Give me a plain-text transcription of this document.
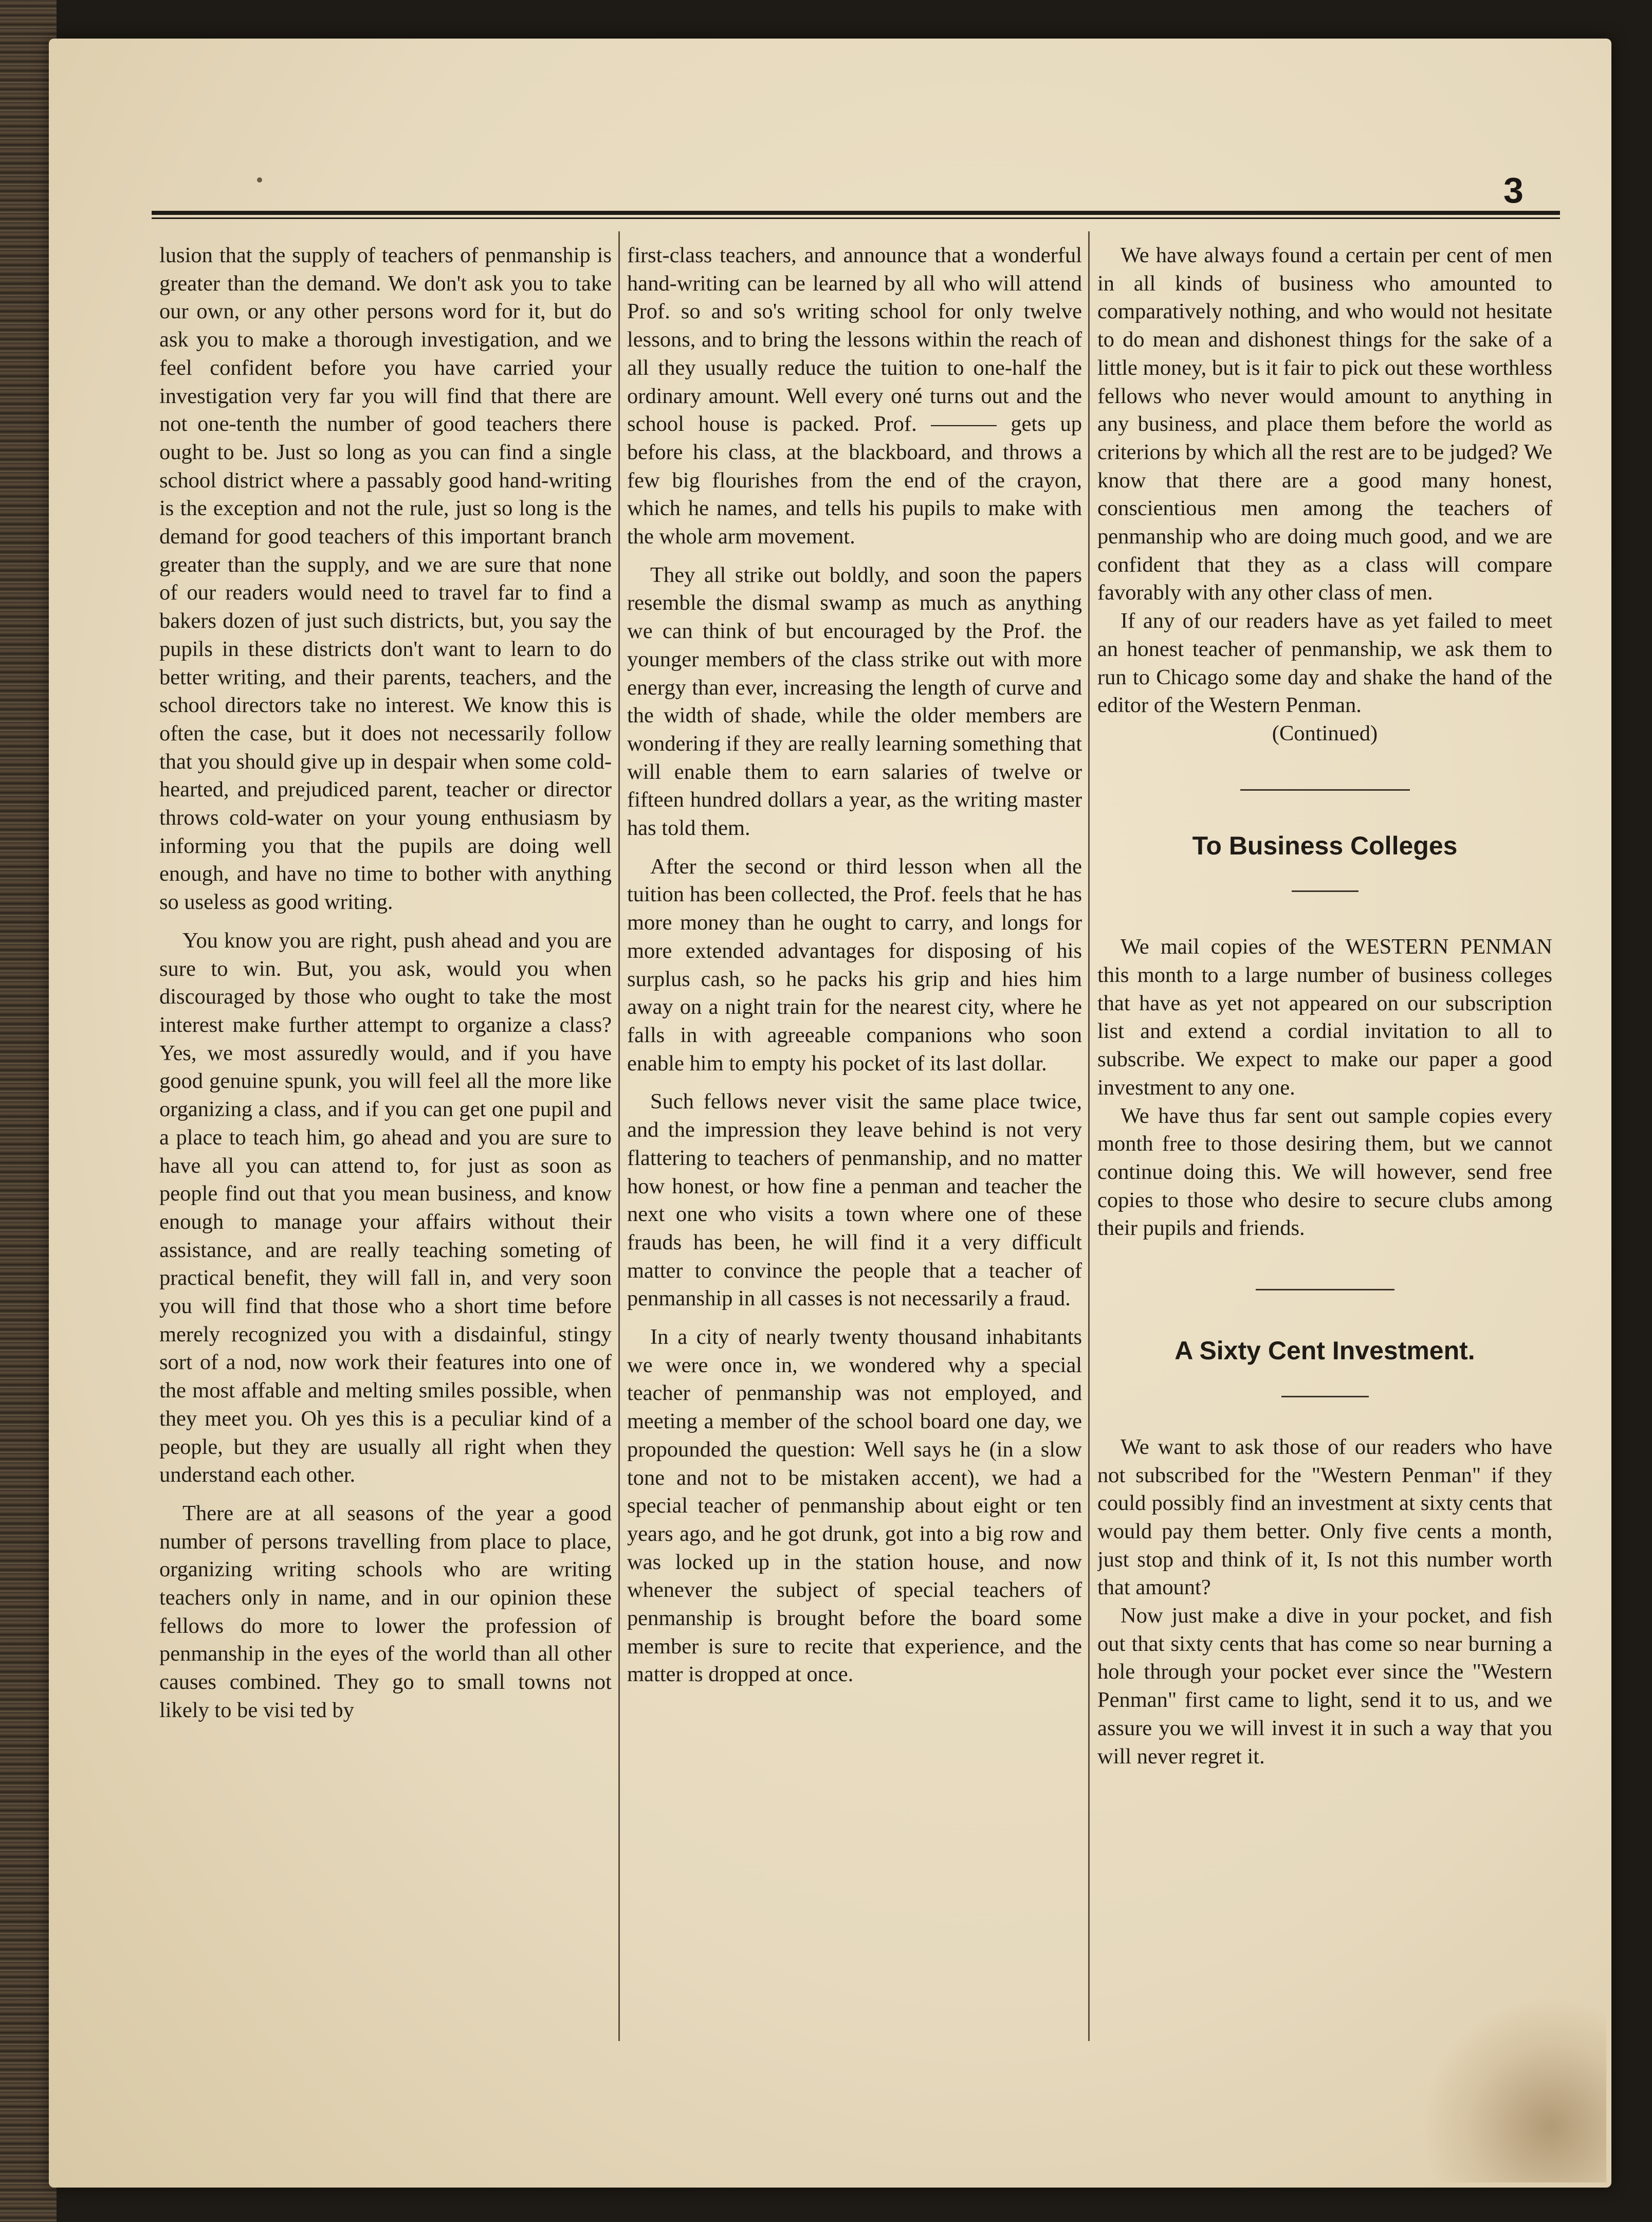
3

lusion that the supply of teachers of penmanship is greater than the demand. We don't ask you to take our own, or any other persons word for it, but do ask you to make a thorough investigation, and we feel confident before you have carried your investigation very far you will find that there are not one-tenth the number of good teachers there ought to be. Just so long as you can find a single school district where a passably good hand-writing is the exception and not the rule, just so long is the demand for good teachers of this important branch greater than the supply, and we are sure that none of our readers would need to travel far to find a bakers dozen of just such districts, but, you say the pupils in these districts don't want to learn to do better writing, and their parents, teachers, and the school directors take no interest. We know this is often the case, but it does not necessarily follow that you should give up in despair when some cold-hearted, and prejudiced parent, teacher or director throws cold-water on your young enthusiasm by informing you that the pupils are doing well enough, and have no time to bother with anything so useless as good writing.

You know you are right, push ahead and you are sure to win. But, you ask, would you when discouraged by those who ought to take the most interest make further attempt to organize a class? Yes, we most assuredly would, and if you have good genuine spunk, you will feel all the more like organizing a class, and if you can get one pupil and a place to teach him, go ahead and you are sure to have all you can attend to, for just as soon as people find out that you mean business, and know enough to manage your affairs without their assistance, and are really teaching someting of practical benefit, they will fall in, and very soon you will find that those who a short time before merely recognized you with a disdainful, stingy sort of a nod, now work their features into one of the most affable and melting smiles possible, when they meet you. Oh yes this is a peculiar kind of a people, but they are usually all right when they understand each other.

There are at all seasons of the year a good number of persons travelling from place to place, organizing writing schools who are writing teachers only in name, and in our opinion these fellows do more to lower the profession of penmanship in the eyes of the world than all other causes combined. They go to small towns not likely to be visi ted by

first-class teachers, and announce that a wonderful hand-writing can be learned by all who will attend Prof. so and so's writing school for only twelve lessons, and to bring the lessons within the reach of all they usually reduce the tuition to one-half the ordinary amount. Well every oné turns out and the school house is packed. Prof. ——— gets up before his class, at the blackboard, and throws a few big flourishes from the end of the crayon, which he names, and tells his pupils to make with the whole arm movement.

They all strike out boldly, and soon the papers resemble the dismal swamp as much as anything we can think of but encouraged by the Prof. the younger members of the class strike out with more energy than ever, increasing the length of curve and the width of shade, while the older members are wondering if they are really learning something that will enable them to earn salaries of twelve or fifteen hundred dollars a year, as the writing master has told them.

After the second or third lesson when all the tuition has been collected, the Prof. feels that he has more money than he ought to carry, and longs for more extended advantages for disposing of his surplus cash, so he packs his grip and hies him away on a night train for the nearest city, where he falls in with agreeable companions who soon enable him to empty his pocket of its last dollar.

Such fellows never visit the same place twice, and the impression they leave behind is not very flattering to teachers of penmanship, and no matter how honest, or how fine a penman and teacher the next one who visits a town where one of these frauds has been, he will find it a very difficult matter to convince the people that a teacher of penmanship in all casses is not necessarily a fraud.

In a city of nearly twenty thousand inhabitants we were once in, we wondered why a special teacher of penmanship was not employed, and meeting a member of the school board one day, we propounded the question: Well says he (in a slow tone and not to be mistaken accent), we had a special teacher of penmanship about eight or ten years ago, and he got drunk, got into a big row and was locked up in the station house, and now whenever the subject of special teachers of penmanship is brought before the board some member is sure to recite that experience, and the matter is dropped at once.

We have always found a certain per cent of men in all kinds of business who amounted to comparatively nothing, and who would not hesitate to do mean and dishonest things for the sake of a little money, but is it fair to pick out these worthless fellows who never would amount to anything in any business, and place them before the world as criterions by which all the rest are to be judged? We know that there are a good many honest, conscientious men among the teachers of penmanship who are doing much good, and we are confident that they as a class will compare favorably with any other class of men.

If any of our readers have as yet failed to meet an honest teacher of penmanship, we ask them to run to Chicago some day and shake the hand of the editor of the Western Penman.

(Continued)

To Business Colleges

We mail copies of the WESTERN PENMAN this month to a large number of business colleges that have as yet not appeared on our subscription list and extend a cordial invitation to all to subscribe. We expect to make our paper a good investment to any one.

We have thus far sent out sample copies every month free to those desiring them, but we cannot continue doing this. We will however, send free copies to those who desire to secure clubs among their pupils and friends.

A Sixty Cent Investment.

We want to ask those of our readers who have not subscribed for the "Western Penman" if they could possibly find an investment at sixty cents that would pay them better. Only five cents a month, just stop and think of it, Is not this number worth that amount?

Now just make a dive in your pocket, and fish out that sixty cents that has come so near burning a hole through your pocket ever since the "Western Penman" first came to light, send it to us, and we assure you we will invest it in such a way that you will never regret it.
